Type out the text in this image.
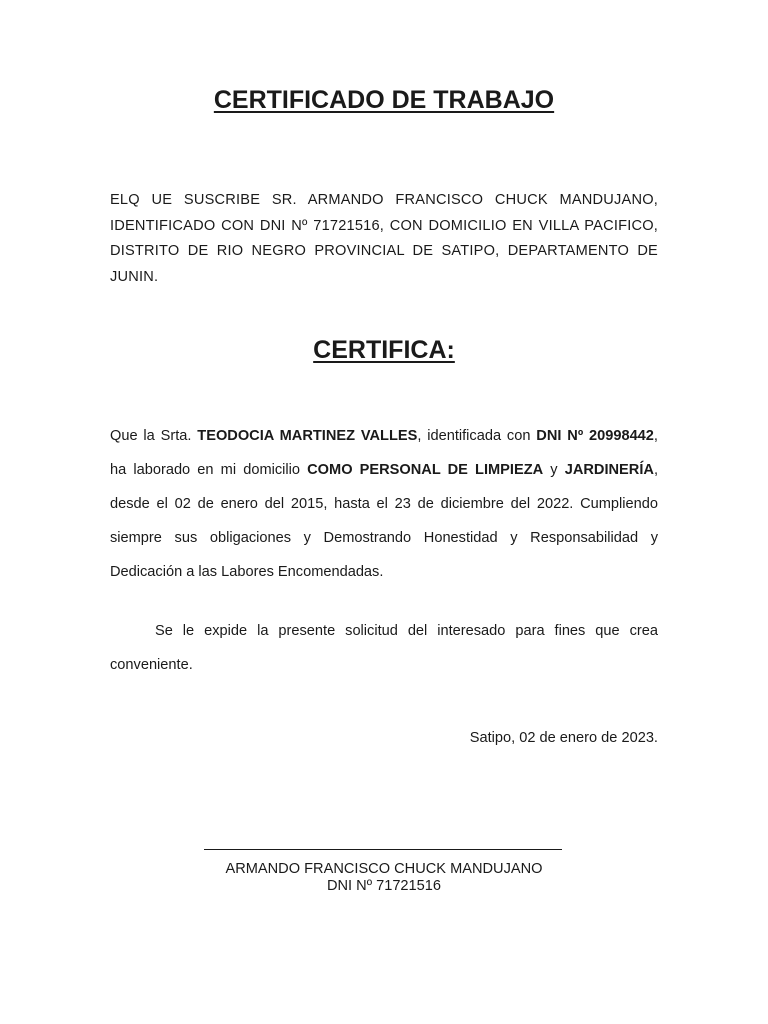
CERTIFICADO DE TRABAJO

ELQ UE SUSCRIBE SR. ARMANDO FRANCISCO CHUCK MANDUJANO, IDENTIFICADO CON DNI Nº 71721516, CON DOMICILIO EN VILLA PACIFICO, DISTRITO DE RIO NEGRO PROVINCIAL DE SATIPO, DEPARTAMENTO DE JUNIN.

CERTIFICA:

Que la Srta. TEODOCIA MARTINEZ VALLES, identificada con DNI Nº 20998442, ha laborado en mi domicilio COMO PERSONAL DE LIMPIEZA y JARDINERÍA, desde el 02 de enero del 2015, hasta el 23 de diciembre del 2022. Cumpliendo siempre sus obligaciones y Demostrando Honestidad y Responsabilidad y Dedicación a las Labores Encomendadas.

Se le expide la presente solicitud del interesado para fines que crea conveniente.

Satipo, 02 de enero de 2023.

ARMANDO FRANCISCO CHUCK MANDUJANO

DNI Nº 71721516
